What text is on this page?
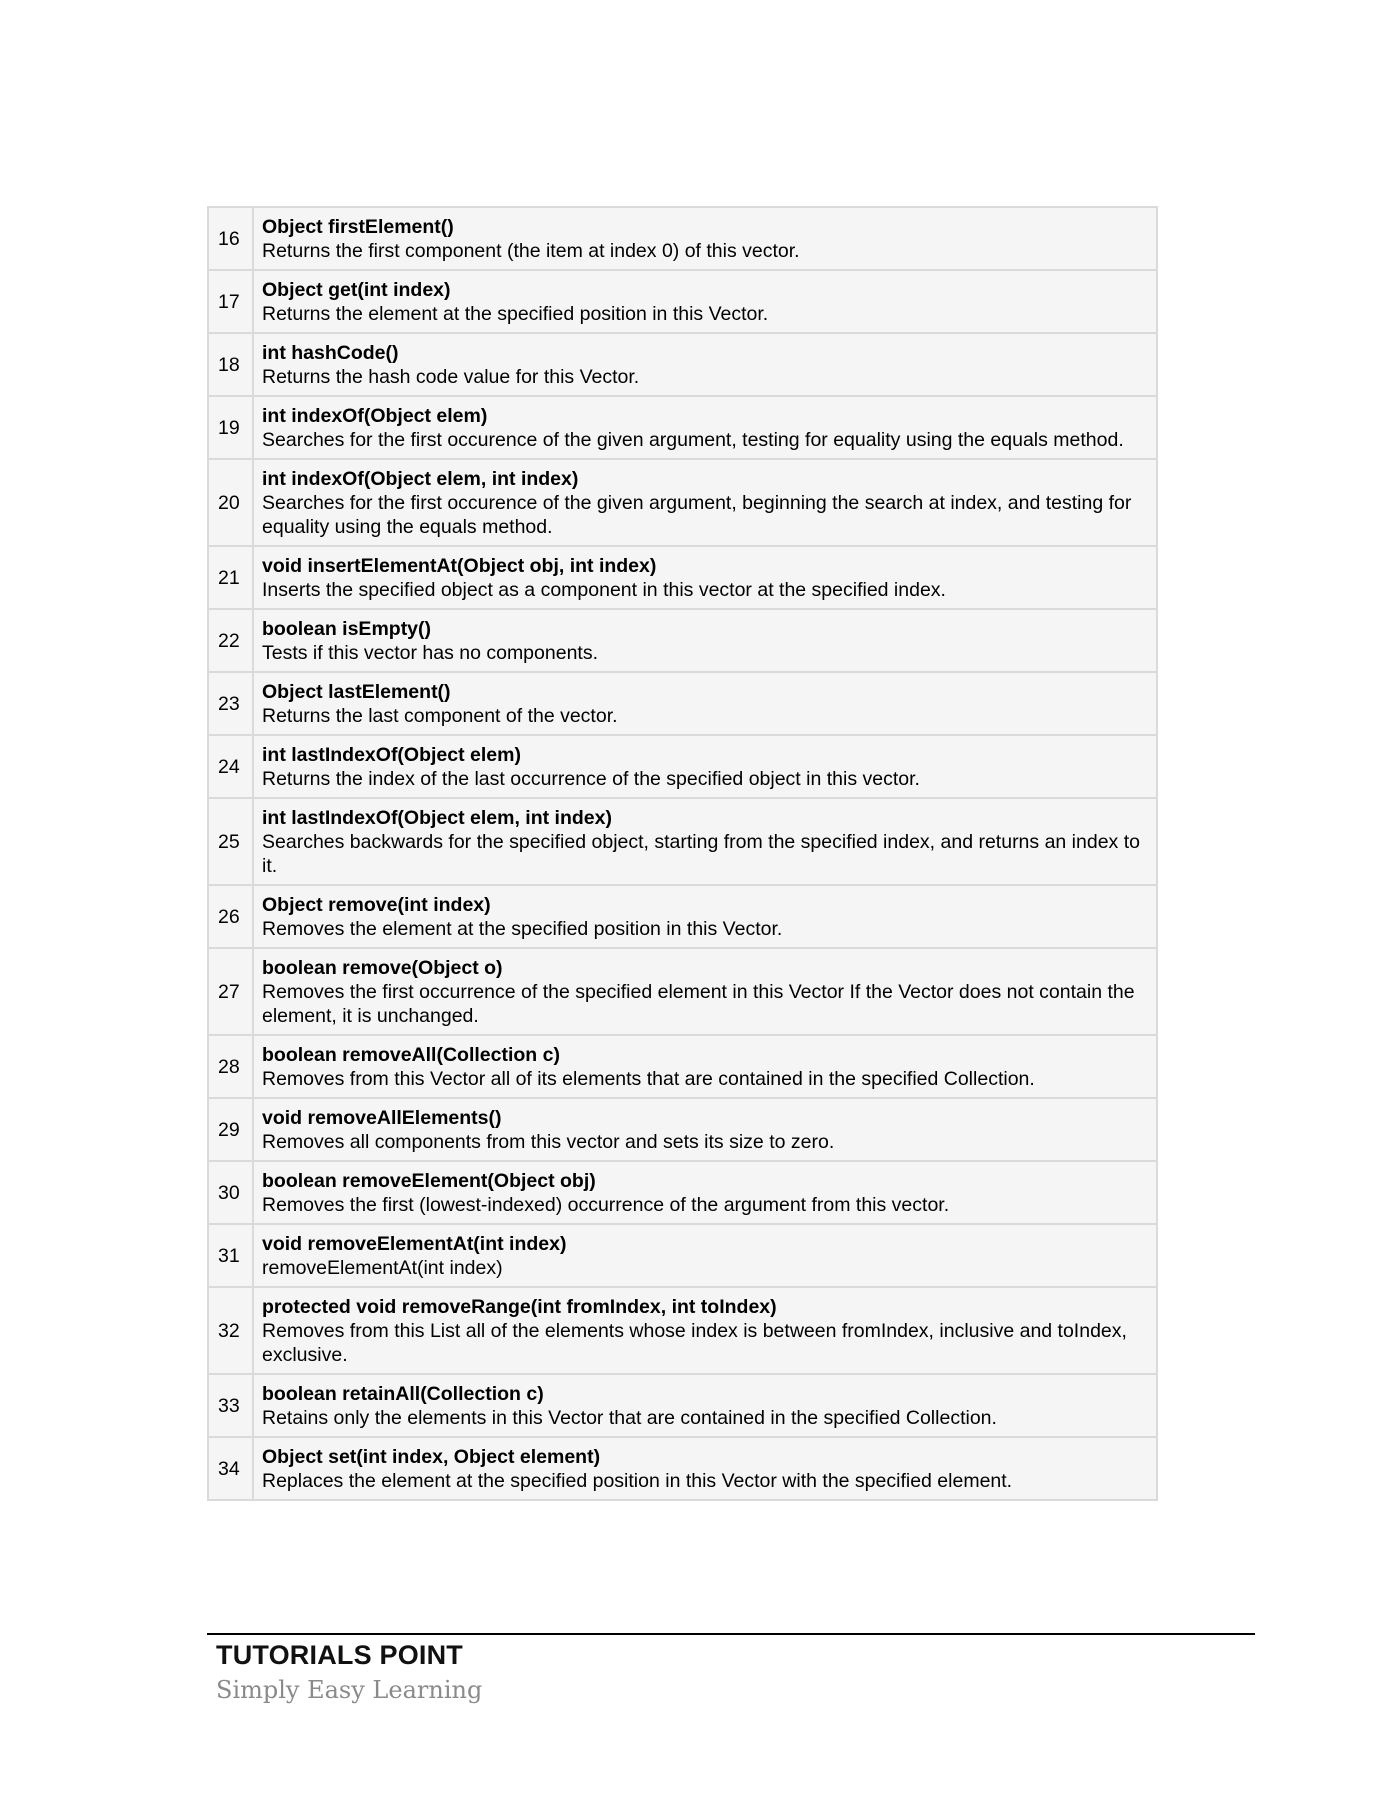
16	Object firstElement()
Returns the first component (the item at index 0) of this vector.

17	Object get(int index)
Returns the element at the specified position in this Vector.

18	int hashCode()
Returns the hash code value for this Vector.

19	int indexOf(Object elem)
Searches for the first occurence of the given argument, testing for equality using the equals method.

20	int indexOf(Object elem, int index)
Searches for the first occurence of the given argument, beginning the search at index, and testing for equality using the equals method.

21	void insertElementAt(Object obj, int index)
Inserts the specified object as a component in this vector at the specified index.

22	boolean isEmpty()
Tests if this vector has no components.

23	Object lastElement()
Returns the last component of the vector.

24	int lastIndexOf(Object elem)
Returns the index of the last occurrence of the specified object in this vector.

25	int lastIndexOf(Object elem, int index)
Searches backwards for the specified object, starting from the specified index, and returns an index to it.

26	Object remove(int index)
Removes the element at the specified position in this Vector.

27	boolean remove(Object o)
Removes the first occurrence of the specified element in this Vector If the Vector does not contain the element, it is unchanged.

28	boolean removeAll(Collection c)
Removes from this Vector all of its elements that are contained in the specified Collection.

29	void removeAllElements()
Removes all components from this vector and sets its size to zero.

30	boolean removeElement(Object obj)
Removes the first (lowest-indexed) occurrence of the argument from this vector.

31	void removeElementAt(int index)
removeElementAt(int index)

32	protected void removeRange(int fromIndex, int toIndex)
Removes from this List all of the elements whose index is between fromIndex, inclusive and toIndex, exclusive.

33	boolean retainAll(Collection c)
Retains only the elements in this Vector that are contained in the specified Collection.

34	Object set(int index, Object element)
Replaces the element at the specified position in this Vector with the specified element.
TUTORIALS POINT
Simply Easy Learning
